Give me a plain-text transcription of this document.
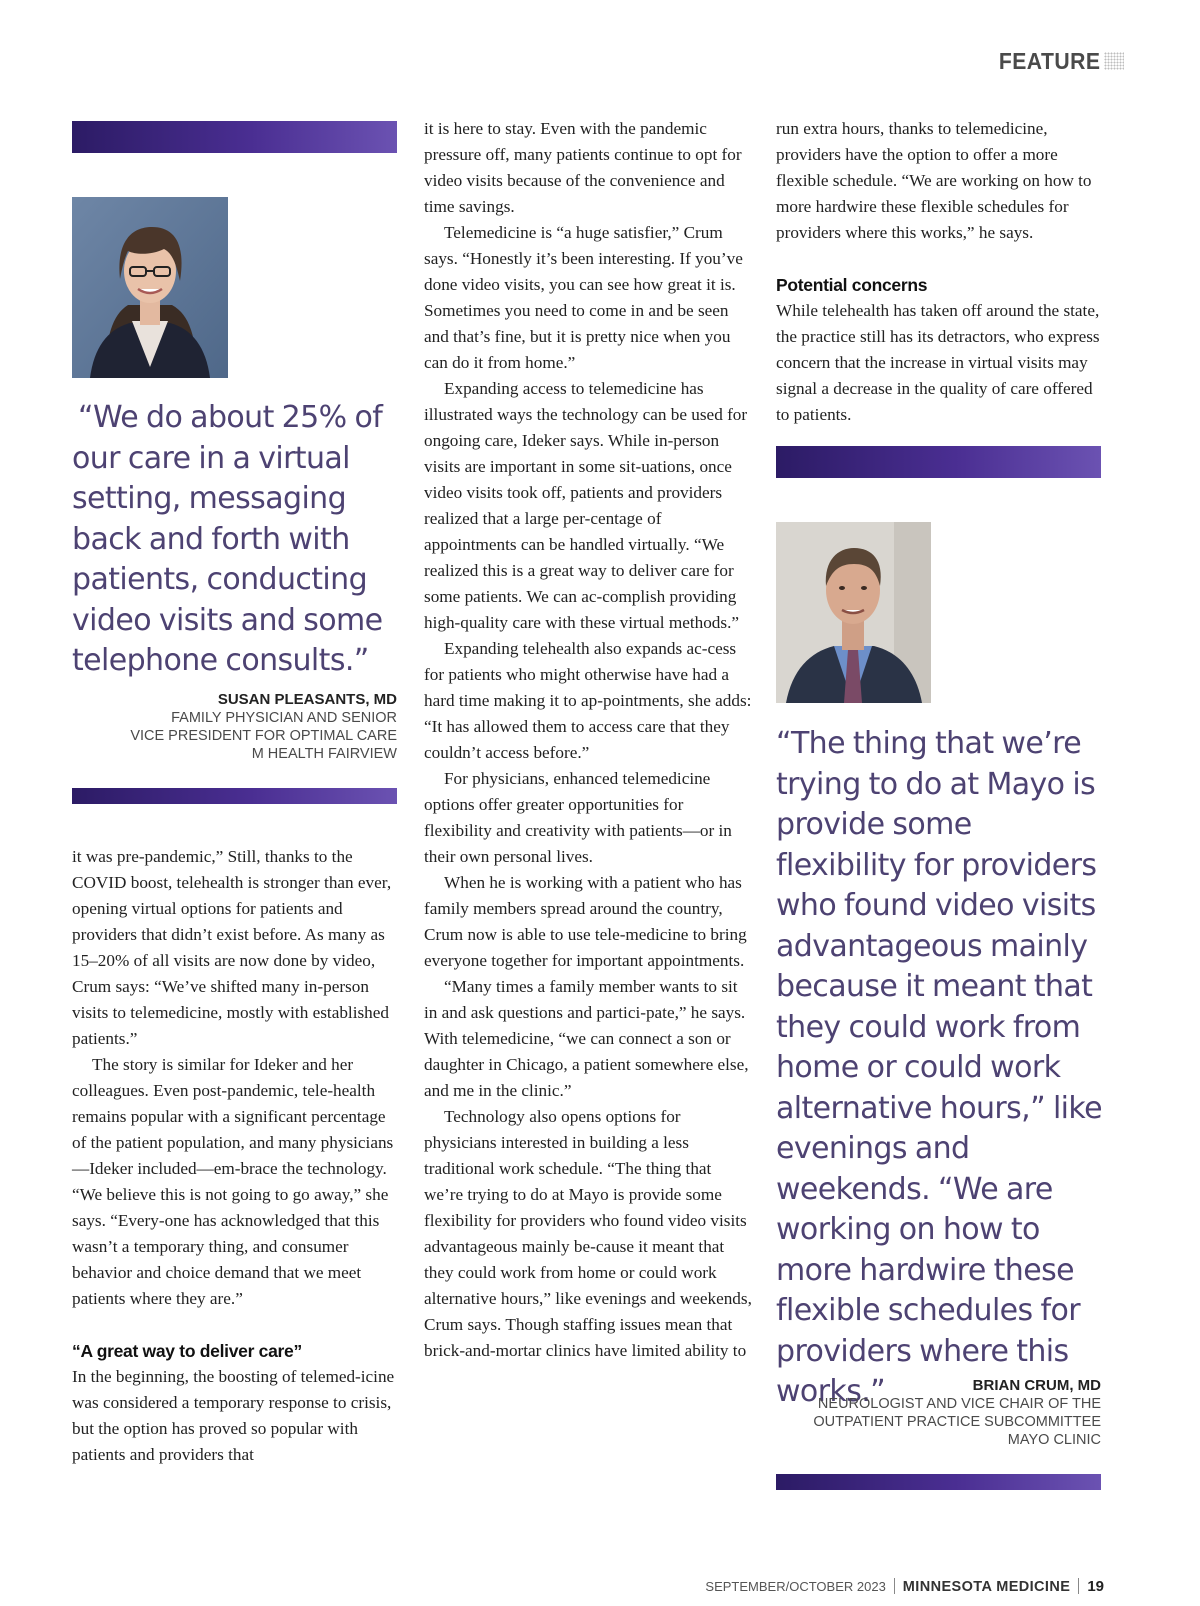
FEATURE

“We do about 25% of our care in a virtual setting, messaging back and forth with patients, conducting video visits and some telephone consults.”

SUSAN PLEASANTS, MD
FAMILY PHYSICIAN AND SENIOR
VICE PRESIDENT FOR OPTIMAL CARE
M HEALTH FAIRVIEW

it was pre-pandemic,” Still, thanks to the COVID boost, telehealth is stronger than ever, opening virtual options for patients and providers that didn’t exist before. As many as 15–20% of all visits are now done by video, Crum says: “We’ve shifted many in-person visits to telemedicine, mostly with established patients.”

The story is similar for Ideker and her colleagues. Even post-pandemic, tele-health remains popular with a significant percentage of the patient population, and many physicians—Ideker included—em-brace the technology. “We believe this is not going to go away,” she says. “Every-one has acknowledged that this wasn’t a temporary thing, and consumer behavior and choice demand that we meet patients where they are.”

“A great way to deliver care”

In the beginning, the boosting of telemed-icine was considered a temporary response to crisis, but the option has proved so popular with patients and providers that

it is here to stay. Even with the pandemic pressure off, many patients continue to opt for video visits because of the convenience and time savings.

Telemedicine is “a huge satisfier,” Crum says. “Honestly it’s been interesting. If you’ve done video visits, you can see how great it is. Sometimes you need to come in and be seen and that’s fine, but it is pretty nice when you can do it from home.”

Expanding access to telemedicine has illustrated ways the technology can be used for ongoing care, Ideker says. While in-person visits are important in some sit-uations, once video visits took off, patients and providers realized that a large per-centage of appointments can be handled virtually. “We realized this is a great way to deliver care for some patients. We can ac-complish providing high-quality care with these virtual methods.”

Expanding telehealth also expands ac-cess for patients who might otherwise have had a hard time making it to ap-pointments, she adds: “It has allowed them to access care that they couldn’t access before.”

For physicians, enhanced telemedicine options offer greater opportunities for flexibility and creativity with patients—or in their own personal lives.

When he is working with a patient who has family members spread around the country, Crum now is able to use tele-medicine to bring everyone together for important appointments.

“Many times a family member wants to sit in and ask questions and partici-pate,” he says. With telemedicine, “we can connect a son or daughter in Chicago, a patient somewhere else, and me in the clinic.”

Technology also opens options for physicians interested in building a less traditional work schedule. “The thing that we’re trying to do at Mayo is provide some flexibility for providers who found video visits advantageous mainly be-cause it meant that they could work from home or could work alternative hours,” like evenings and weekends, Crum says. Though staffing issues mean that brick-and-mortar clinics have limited ability to

run extra hours, thanks to telemedicine, providers have the option to offer a more flexible schedule. “We are working on how to more hardwire these flexible schedules for providers where this works,” he says.

Potential concerns

While telehealth has taken off around the state, the practice still has its detractors, who express concern that the increase in virtual visits may signal a decrease in the quality of care offered to patients.

“The thing that we’re trying to do at Mayo is provide some flexibility for providers who found video visits advantageous mainly because it meant that they could work from home or could work alternative hours,” like evenings and weekends. “We are working on how to more hardwire these flexible schedules for providers where this works.”	BRIAN CRUM, MD
NEUROLOGIST AND VICE CHAIR OF THE
OUTPATIENT PRACTICE SUBCOMMITTEE
MAYO CLINIC
SEPTEMBER/OCTOBER 2023 MINNESOTA MEDICINE 19
